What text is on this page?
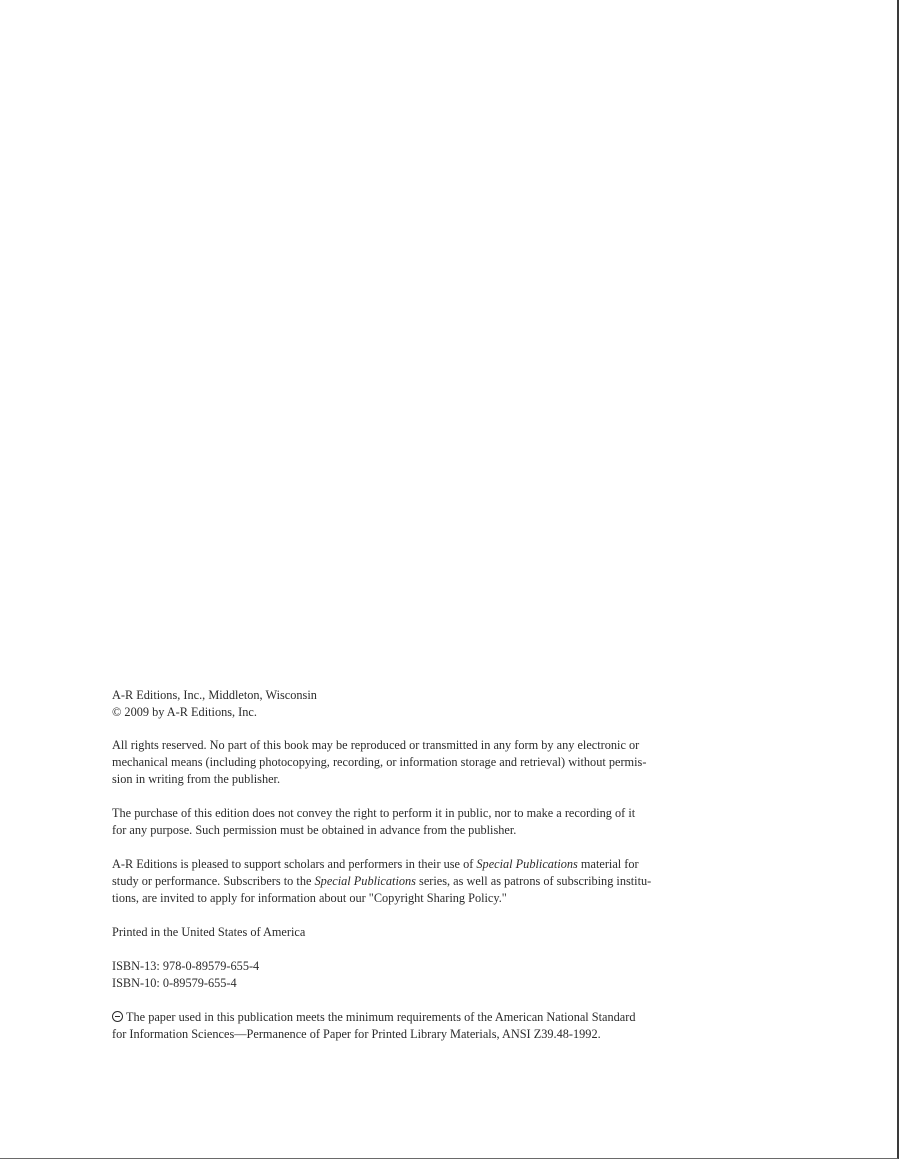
A-R Editions, Inc., Middleton, Wisconsin
© 2009 by A-R Editions, Inc.
All rights reserved. No part of this book may be reproduced or transmitted in any form by any electronic or
mechanical means (including photocopying, recording, or information storage and retrieval) without permis-
sion in writing from the publisher.
The purchase of this edition does not convey the right to perform it in public, nor to make a recording of it
for any purpose. Such permission must be obtained in advance from the publisher.
A-R Editions is pleased to support scholars and performers in their use of Special Publications material for
study or performance. Subscribers to the Special Publications series, as well as patrons of subscribing institu-
tions, are invited to apply for information about our "Copyright Sharing Policy."
Printed in the United States of America
ISBN-13: 978-0-89579-655-4
ISBN-10: 0-89579-655-4
The paper used in this publication meets the minimum requirements of the American National Standard
for Information Sciences—Permanence of Paper for Printed Library Materials, ANSI Z39.48-1992.
